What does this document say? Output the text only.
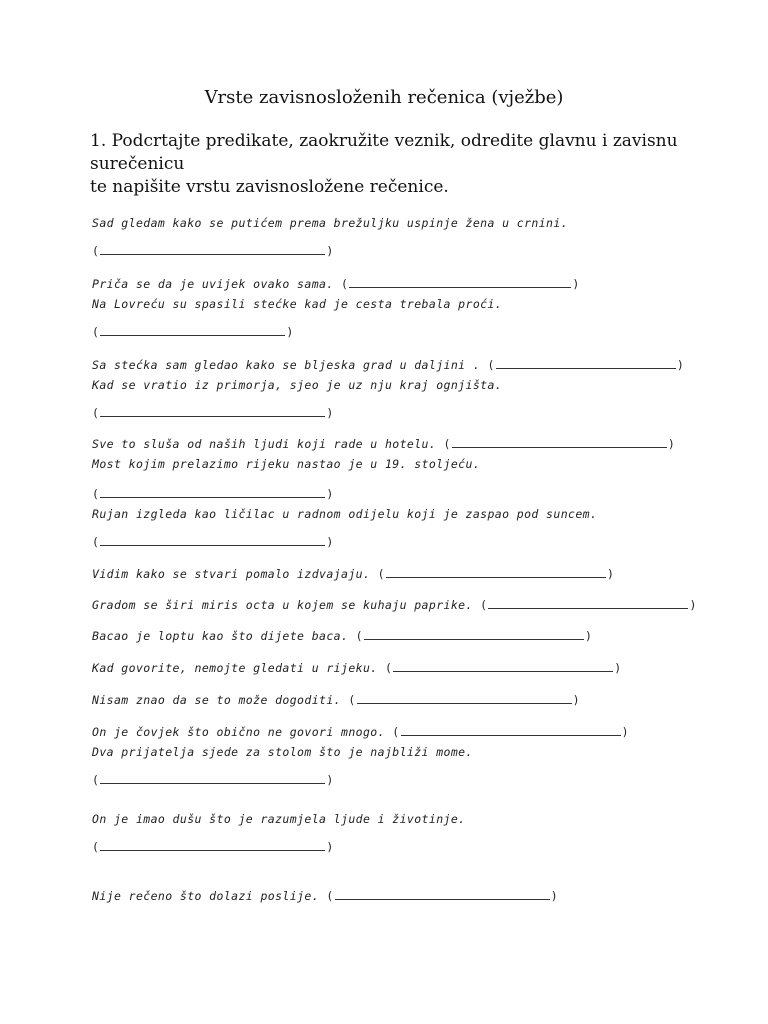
Vrste zavisnosloženih rečenica (vježbe)
1. Podcrtajte predikate, zaokružite veznik, odredite glavnu i zavisnu
surečenicu
te napišite vrstu zavisnosložene rečenice.
Sad gledam kako se putićem prema brežuljku uspinje žena u crnini.
(	)
Priča se da je uvijek ovako sama. (	)
Na Lovreću su spasili stećke kad je cesta trebala proći.
(	)
Sa stećka sam gledao kako se bljeska grad u daljini . (	)
Kad se vratio iz primorja, sjeo je uz nju kraj ognjišta.
(	)
Sve to sluša od naših ljudi koji rade u hotelu. (	)
Most kojim prelazimo rijeku nastao je u 19. stoljeću.
(	)
Rujan izgleda kao ličilac u radnom odijelu koji je zaspao pod suncem.
(	)
Vidim kako se stvari pomalo izdvajaju. (	)
Gradom se širi miris octa u kojem se kuhaju paprike. (	)
Bacao je loptu kao što dijete baca. (	)
Kad govorite, nemojte gledati u rijeku. (	)
Nisam znao da se to može dogoditi. (	)
On je čovjek što obično ne govori mnogo. (	)
Dva prijatelja sjede za stolom što je najbliži mome.
(	)
On je imao dušu što je razumjela ljude i životinje.
(	)
Nije rečeno što dolazi poslije. (	)
